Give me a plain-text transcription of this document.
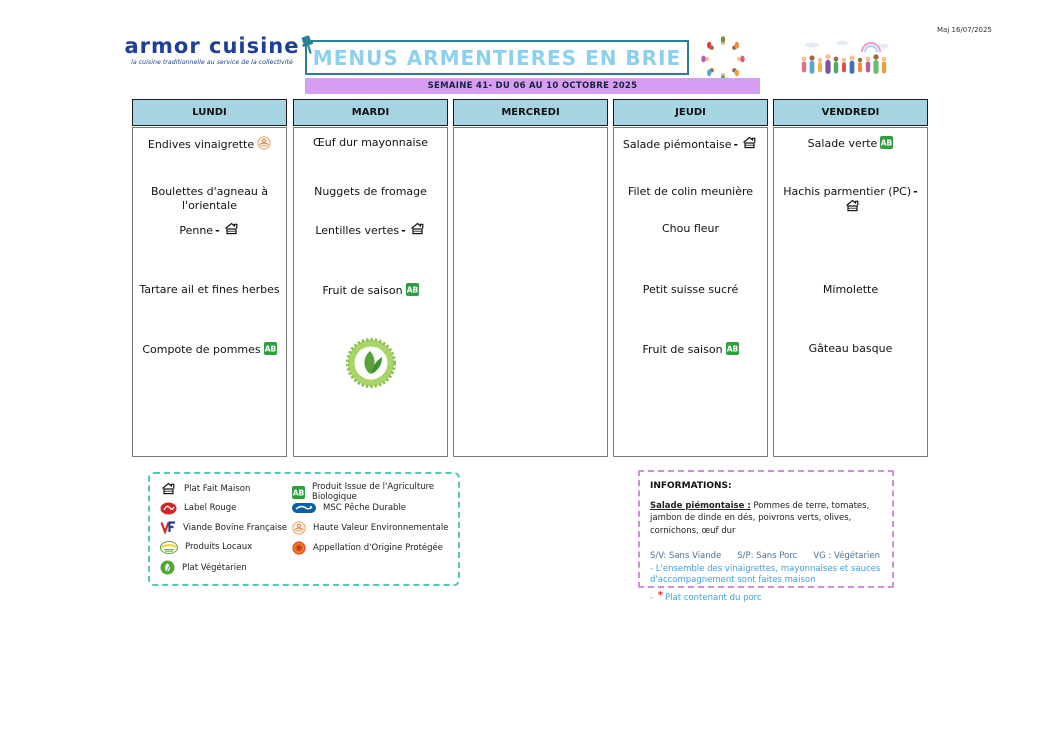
Maj 16/07/2025
armor cuisine
la cuisine traditionnelle au service de la collectivité MENUS ARMENTIERES EN BRIE
SEMAINE 41- DU 06 AU 10 OCTOBRE 2025
LUNDI
Endives vinaigrette
Boulettes d'agneau à l'orientale
Penne -
Tartare ail et fines herbes
Compote de pommes AB
MARDI
Œuf dur mayonnaise
Nuggets de fromage
Lentilles vertes -
Fruit de saison AB
MERCREDI	JEUDI
Salade piémontaise -
Filet de colin meunière
Chou fleur
Petit suisse sucré
Fruit de saison AB
VENDREDI
Salade verte AB
Hachis parmentier (PC) -
Mimolette
Gâteau basque
Plat Fait Maison
Label Rouge
Viande Bovine Française
Produits Locaux
Plat Végétarien
AB
Produit Issue de l'Agriculture Biologique
MSC Pêche Durable
Haute Valeur Environnementale
Appellation d'Origine Protégée
INFORMATIONS:
Salade piémontaise : Pommes de terre, tomates, jambon de dinde en dés, poivrons verts, olives, cornichons, œuf dur
S/V: Sans Viande S/P: Sans Porc VG : Végétarien
- L'ensemble des vinaigrettes, mayonnaises et sauces d'accompagnement sont faites maison
- * Plat contenant du porc
